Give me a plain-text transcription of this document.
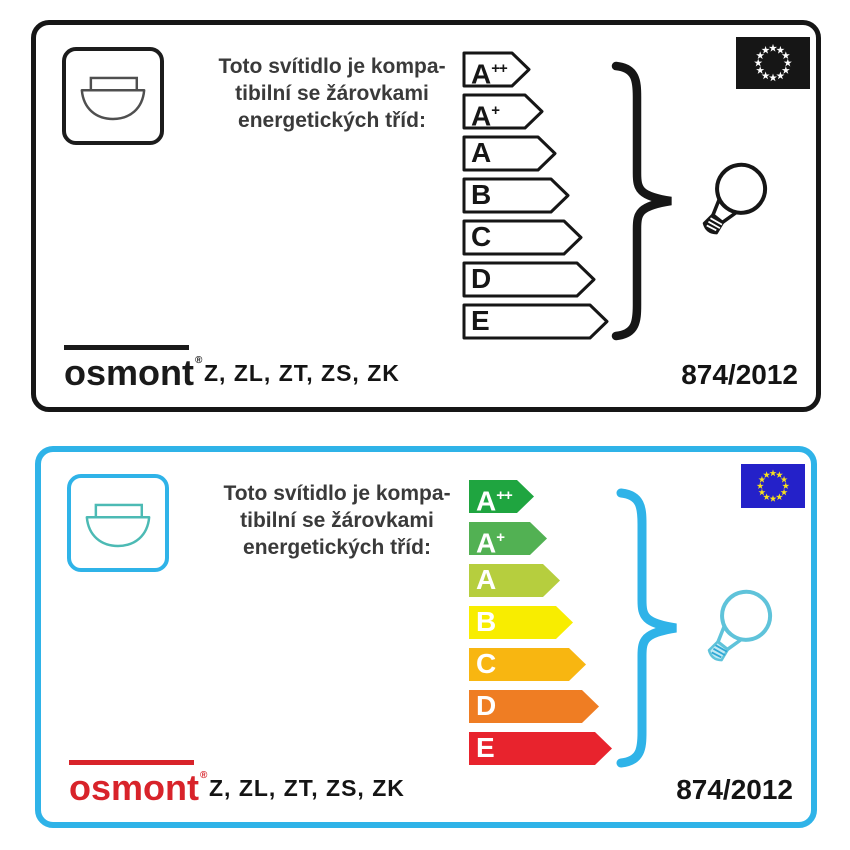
Toto svítidlo je kompa-
tibilní se žárovkami
energetických tříd:
A++
A+
A
B
C
D
E
osmont® Z, ZL, ZT, ZS, ZK	874/2012
Toto svítidlo je kompa-
tibilní se žárovkami
energetických tříd:
A++
A+
A
B
C
D
E
osmont® Z, ZL, ZT, ZS, ZK	874/2012
